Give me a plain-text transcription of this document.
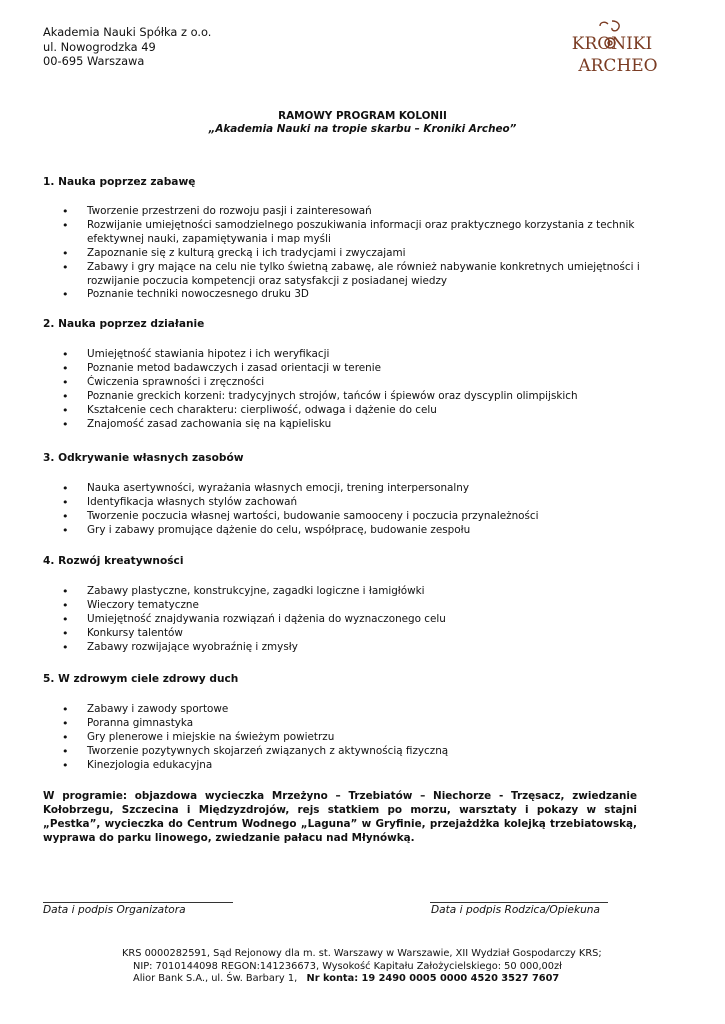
Akademia Nauki Spółka z o.o.
ul. Nowogrodzka 49
00-695 Warszawa
KRONIKI
ARCHEO
RAMOWY PROGRAM KOLONII
„Akademia Nauki na tropie skarbu – Kroniki Archeo”

1. Nauka poprzez zabawę

• Tworzenie przestrzeni do rozwoju pasji i zainteresowań
• Rozwijanie umiejętności samodzielnego poszukiwania informacji oraz praktycznego korzystania z technik efektywnej nauki, zapamiętywania i map myśli
• Zapoznanie się z kulturą grecką i ich tradycjami i zwyczajami
• Zabawy i gry mające na celu nie tylko świetną zabawę, ale również nabywanie konkretnych umiejętności i rozwijanie poczucia kompetencji oraz satysfakcji z posiadanej wiedzy
• Poznanie techniki nowoczesnego druku 3D

2. Nauka poprzez działanie

• Umiejętność stawiania hipotez i ich weryfikacji
• Poznanie metod badawczych i zasad orientacji w terenie
• Ćwiczenia sprawności i zręczności
• Poznanie greckich korzeni: tradycyjnych strojów, tańców i śpiewów oraz dyscyplin olimpijskich
• Kształcenie cech charakteru: cierpliwość, odwaga i dążenie do celu
• Znajomość zasad zachowania się na kąpielisku

3. Odkrywanie własnych zasobów

• Nauka asertywności, wyrażania własnych emocji, trening interpersonalny
• Identyfikacja własnych stylów zachowań
• Tworzenie poczucia własnej wartości, budowanie samooceny i poczucia przynależności
• Gry i zabawy promujące dążenie do celu, współpracę, budowanie zespołu

4. Rozwój kreatywności

• Zabawy plastyczne, konstrukcyjne, zagadki logiczne i łamigłówki
• Wieczory tematyczne
• Umiejętność znajdywania rozwiązań i dążenia do wyznaczonego celu
• Konkursy talentów
• Zabawy rozwijające wyobraźnię i zmysły

5. W zdrowym ciele zdrowy duch

• Zabawy i zawody sportowe
• Poranna gimnastyka
• Gry plenerowe i miejskie na świeżym powietrzu
• Tworzenie pozytywnych skojarzeń związanych z aktywnością fizyczną
• Kinezjologia edukacyjna
W programie: objazdowa wycieczka Mrzeżyno – Trzebiatów – Niechorze - Trzęsacz, zwiedzanie Kołobrzegu, Szczecina i Międzyzdrojów, rejs statkiem po morzu, warsztaty i pokazy w stajni „Pestka”, wycieczka do Centrum Wodnego „Laguna” w Gryfinie, przejażdżka kolejką trzebiatowską, wyprawa do parku linowego, zwiedzanie pałacu nad Młynówką.
Data i podpis Organizatora	Data i podpis Rodzica/Opiekuna
KRS 0000282591, Sąd Rejonowy dla m. st. Warszawy w Warszawie, XII Wydział Gospodarczy KRS;
NIP: 7010144098 REGON:141236673, Wysokość Kapitału Założycielskiego: 50 000,00zł
Alior Bank S.A., ul. Św. Barbary 1,   Nr konta: 19 2490 0005 0000 4520 3527 7607
